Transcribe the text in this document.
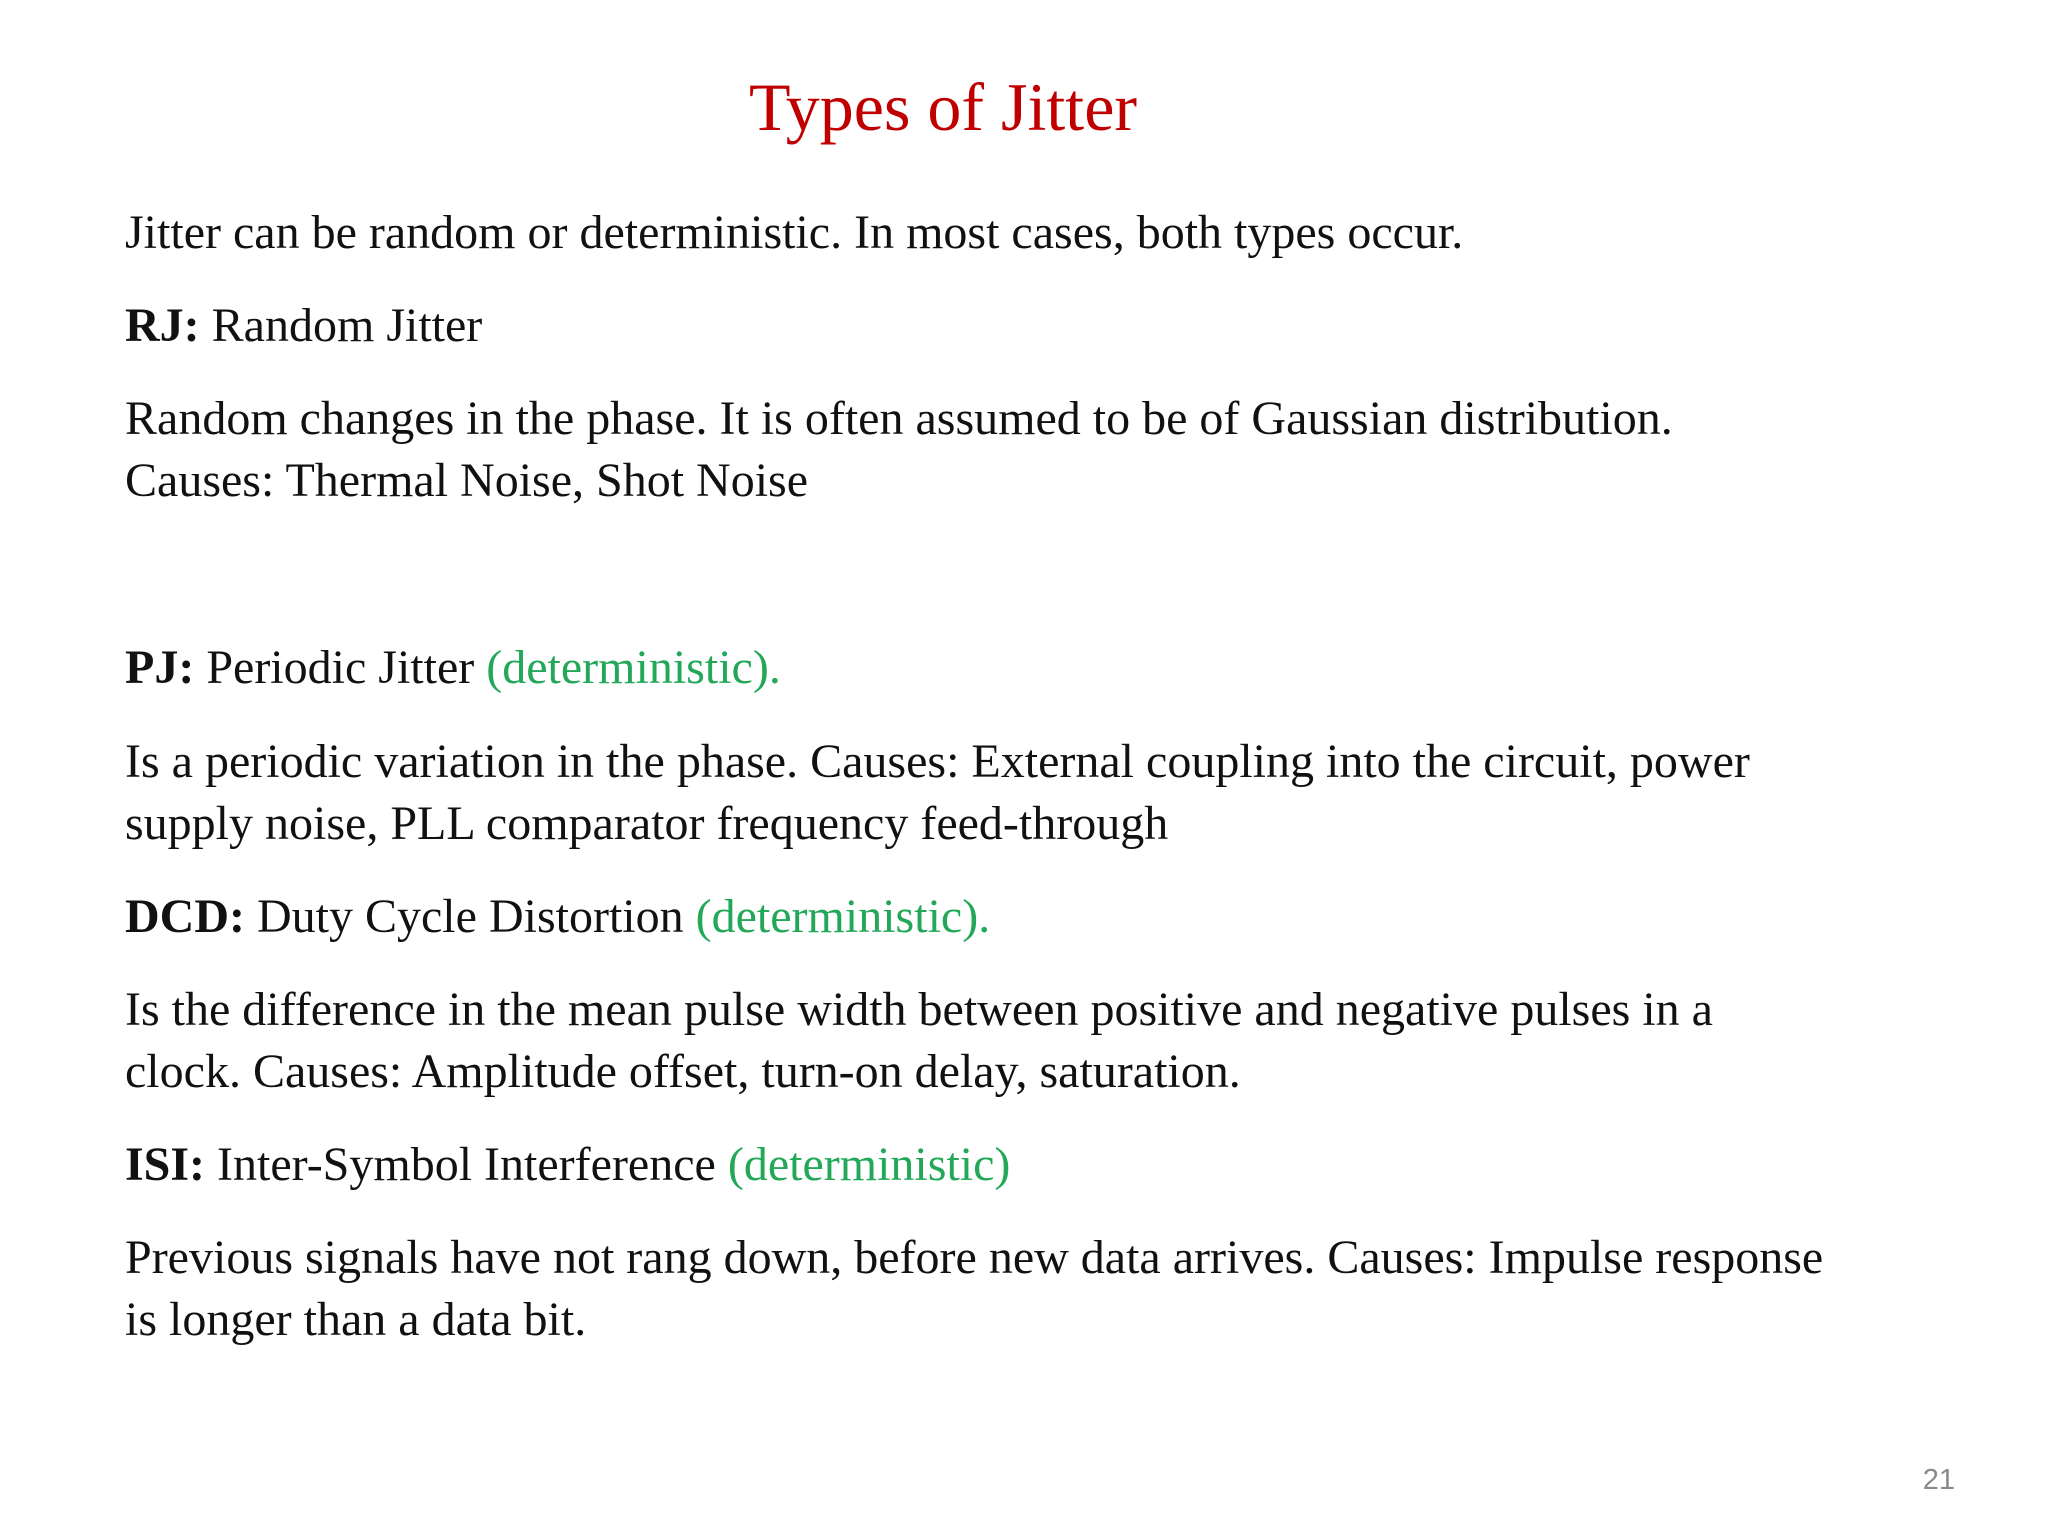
Types of Jitter

Jitter can be random or deterministic. In most cases, both types occur.

RJ: Random Jitter

Random changes in the phase. It is often assumed to be of Gaussian distribution.

Causes: Thermal Noise, Shot Noise

PJ: Periodic Jitter (deterministic).

Is a periodic variation in the phase. Causes: External coupling into the circuit, power

supply noise, PLL comparator frequency feed-through

DCD: Duty Cycle Distortion (deterministic).

Is the difference in the mean pulse width between positive and negative pulses in a

clock. Causes: Amplitude offset, turn-on delay, saturation.

ISI: Inter-Symbol Interference (deterministic)

Previous signals have not rang down, before new data arrives. Causes: Impulse response

is longer than a data bit.

21
